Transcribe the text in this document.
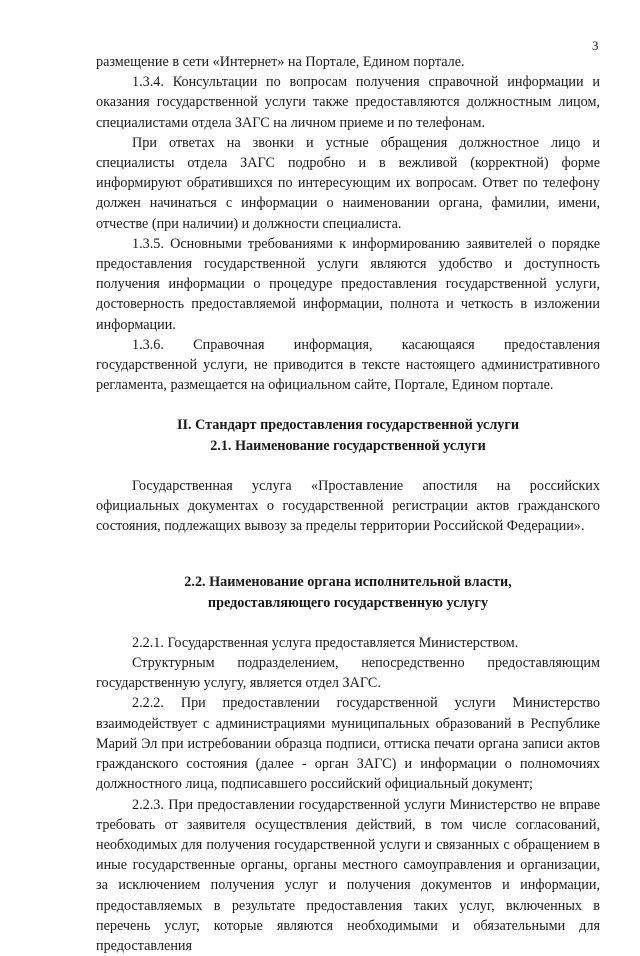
3

размещение в сети «Интернет» на Портале, Едином портале.

1.3.4. Консультации по вопросам получения справочной информации и оказания государственной услуги также предоставляются должностным лицом, специалистами отдела ЗАГС на личном приеме и по телефонам.

При ответах на звонки и устные обращения должностное лицо и специалисты отдела ЗАГС подробно и в вежливой (корректной) форме информируют обратившихся по интересующим их вопросам. Ответ по телефону должен начинаться с информации о наименовании органа, фамилии, имени, отчестве (при наличии) и должности специалиста.

1.3.5. Основными требованиями к информированию заявителей о порядке предоставления государственной услуги являются удобство и доступность получения информации о процедуре предоставления государственной услуги, достоверность предоставляемой информации, полнота и четкость в изложении информации.

1.3.6. Справочная информация, касающаяся предоставления государственной услуги, не приводится в тексте настоящего административного регламента, размещается на официальном сайте, Портале, Едином портале.

II. Стандарт предоставления государственной услуги

2.1. Наименование государственной услуги

Государственная услуга «Проставление апостиля на российских официальных документах о государственной регистрации актов гражданского состояния, подлежащих вывозу за пределы территории Российской Федерации».

2.2. Наименование органа исполнительной власти,

предоставляющего государственную услугу

2.2.1. Государственная услуга предоставляется Министерством.

Структурным подразделением, непосредственно предоставляющим государственную услугу, является отдел ЗАГС.

2.2.2. При предоставлении государственной услуги Министерство взаимодействует с администрациями муниципальных образований в Республике Марий Эл при истребовании образца подписи, оттиска печати органа записи актов гражданского состояния (далее - орган ЗАГС) и информации о полномочиях должностного лица, подписавшего российский официальный документ;

2.2.3. При предоставлении государственной услуги Министерство не вправе требовать от заявителя осуществления действий, в том числе согласований, необходимых для получения государственной услуги и связанных с обращением в иные государственные органы, органы местного самоуправления и организации, за исключением получения услуг и получения документов и информации, предоставляемых в результате предоставления таких услуг, включенных в перечень услуг, которые являются необходимыми и обязательными для предоставления
